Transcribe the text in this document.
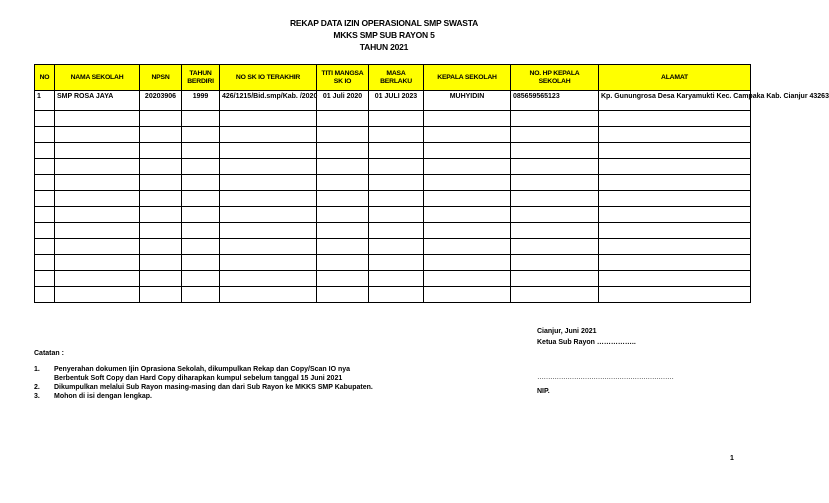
REKAP DATA IZIN OPERASIONAL SMP SWASTA
MKKS SMP SUB RAYON 5
TAHUN 2021
NO	NAMA SEKOLAH	NPSN	TAHUN BERDIRI	NO SK IO TERAKHIR	TITI MANGSA SK IO	MASA BERLAKU	KEPALA SEKOLAH	NO. HP KEPALA SEKOLAH	ALAMAT
1	SMP ROSA JAYA	20203906	1999	426/1215/Bid.smp/Kab. /2020	01 Juli 2020	01 JULI 2023	MUHYIDIN	085659565123	Kp. Gunungrosa Desa Karyamukti Kec. Campaka Kab. Cianjur 43263

Cianjur, Juni 2021
Ketua Sub Rayon ……………..
………………………………………………………
NIP.
Catatan :
1.	Penyerahan dokumen Ijin Oprasiona Sekolah, dikumpulkan Rekap dan Copy/Scan IO nya
Berbentuk Soft Copy dan Hard Copy diharapkan kumpul sebelum tanggal 15 Juni 2021
2.	Dikumpulkan melalui Sub Rayon masing-masing dan dari Sub Rayon ke MKKS SMP Kabupaten.
3.	Mohon di isi dengan lengkap.
1
